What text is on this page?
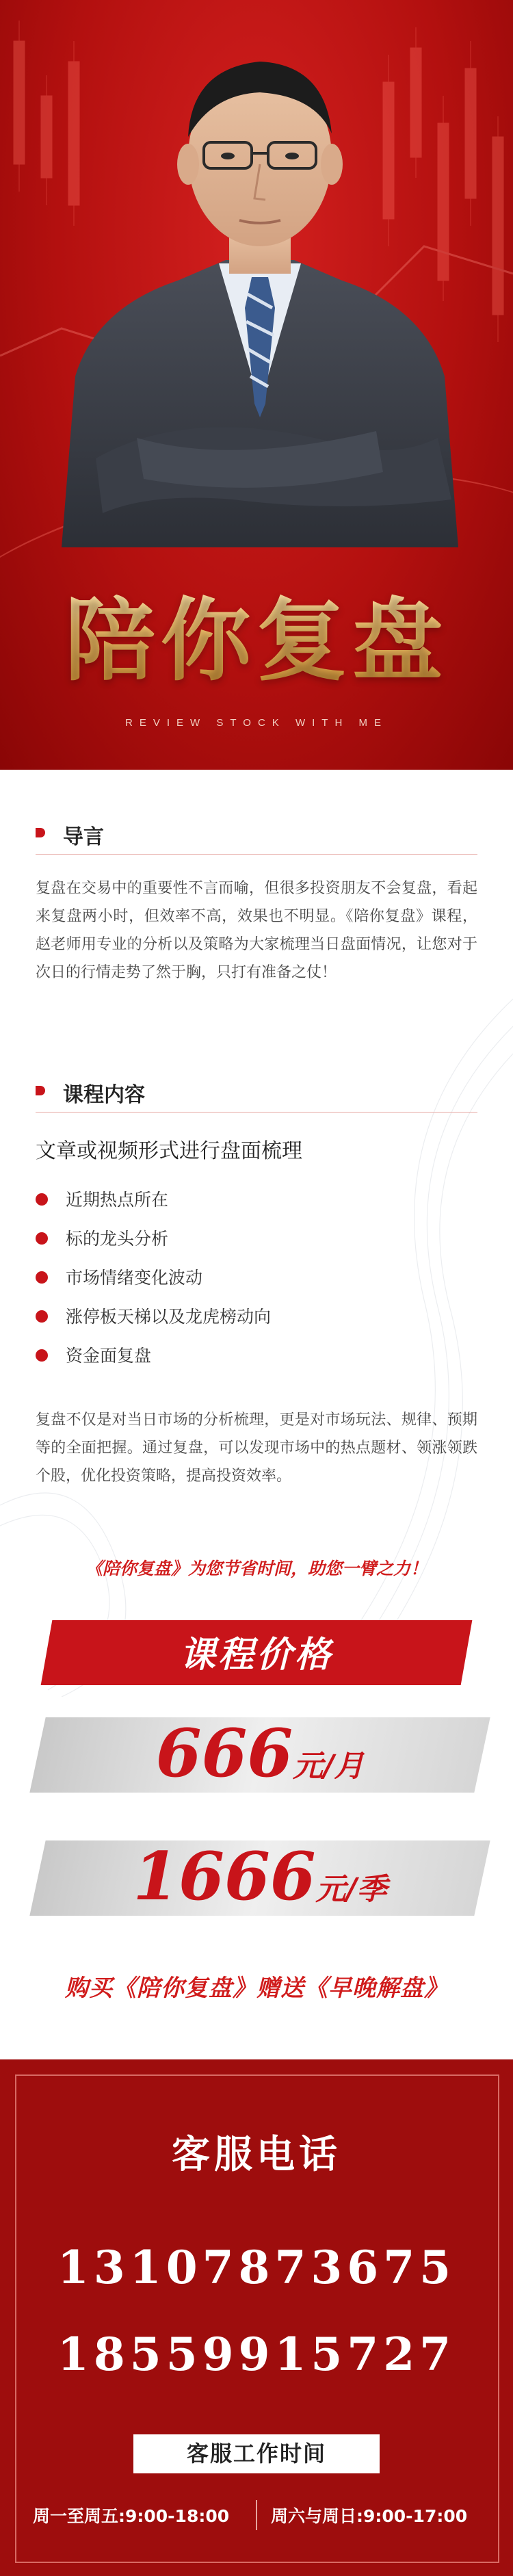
陪你复盘
REVIEW STOCK WITH ME
导言
复盘在交易中的重要性不言而喻，但很多投资朋友不会复盘，看起来复盘两小时，但效率不高，效果也不明显。《陪你复盘》课程，赵老师用专业的分析以及策略为大家梳理当日盘面情况，让您对于次日的行情走势了然于胸，只打有准备之仗！
课程内容
文章或视频形式进行盘面梳理
近期热点所在
标的龙头分析
市场情绪变化波动
涨停板天梯以及龙虎榜动向
资金面复盘
复盘不仅是对当日市场的分析梳理，更是对市场玩法、规律、预期等的全面把握。通过复盘，可以发现市场中的热点题材、领涨领跌个股，优化投资策略，提高投资效率。
《陪你复盘》为您节省时间，助您一臂之力！
课程价格
666元/月
1666元/季
购买《陪你复盘》赠送《早晚解盘》
客服电话
13107873675
18559915727
客服工作时间
周一至周五:9:00-18:00 周六与周日:9:00-17:00
